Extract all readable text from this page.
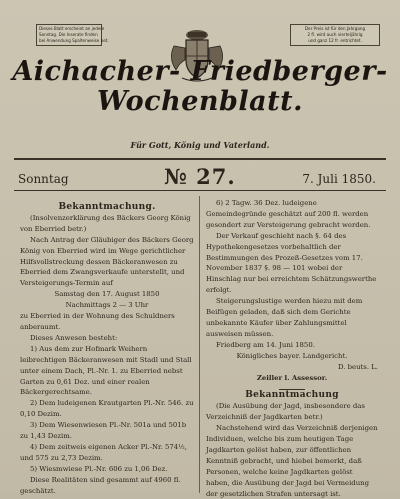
Dieses Blatt erscheint an jedem
Sonntag. Die Inserate finden
bei Anwendung Spaltenweise bet.
Der Preis ist für den Jahrgang
2 fl. wird auch vierteljährig
und ganz 12 fr. entrichtet.
Aichacher- Friedberger-
Wochenblatt.
Für Gott, König und Vaterland.
Sonntag	№ 27.	7. Juli 1850.

Bekanntmachung.

(Insolvenzerklärung des Bäckers Georg König von Eberried betr.)

Nach Antrag der Gläubiger des Bäckers Georg König von Eberried wird im Wege gerichtlicher Hilfsvollstreckung dessen Bäckeranwesen zu Eberried dem Zwangsverkaufe unterstellt, und Versteigerungs-Termin auf

Samstag den 17. August 1850

Nachmittags 2 — 3 Uhr

zu Eberried in der Wohnung des Schuldners anberaumt.

Dieses Anwesen besteht:

1) Aus dem zur Hofmark Weihern leibrechtigen Bäckeranwesen mit Stadl und Stall unter einem Dach, Pl.-Nr. 1. zu Eberried nebst Garten zu 0,61 Dez. und einer realen Bäckergerechtsame.

2) Dem ludeigenen Krautgarten Pl.-Nr. 546. zu 0,10 Dezim.

3) Dem Wiesenwiesen Pl.-Nr. 501a und 501b zu 1,43 Dezim.

4) Dem zeitweis eigenen Acker Pl.-Nr. 574½, und 575 zu 2,73 Dezim.

5) Wiesmwiese Pl.-Nr. 606 zu 1,06 Dez.

Diese Realitäten sind gesammt auf 4960 fl. geschätzt.

6) 2 Tagw. 36 Dez. ludeigene Gemeindegründe geschätzt auf 200 fl. werden gesondert zur Versteigerung gebracht werden.

Der Verkauf geschieht nach §. 64 des Hypothekengesetzes vorbehaltlich der Bestimmungen des Prozeß-Gesetzes vom 17. November 1837 §. 98 — 101 wobei der Hinschlag nur bei erreichtem Schätzungswerthe erfolgt.

Steigerungslustige werden hiezu mit dem Beifügen geladen, daß sich dem Gerichte unbekannte Käufer über Zahlungsmittel ausweisen müssen.

Friedberg am 14. Juni 1850.

Königliches bayer. Landgericht.

D. beuts. L.

Zeiller l. Assessor.

Bekanntmachung

(Die Ausübung der Jagd, insbesondere das Verzeichniß der Jagdkarten betr.)

Nachstehend wird das Verzeichniß derjenigen Individuen, welche bis zum heutigen Tage Jagdkarten gelöst haben, zur öffentlichen Kenntniß gebracht, und hiebei bemerkt, daß Personen, welche keine Jagdkarten gelöst haben, die Ausübung der Jagd bei Vermeidung der gesetzlichen Strafen untersagt ist.
